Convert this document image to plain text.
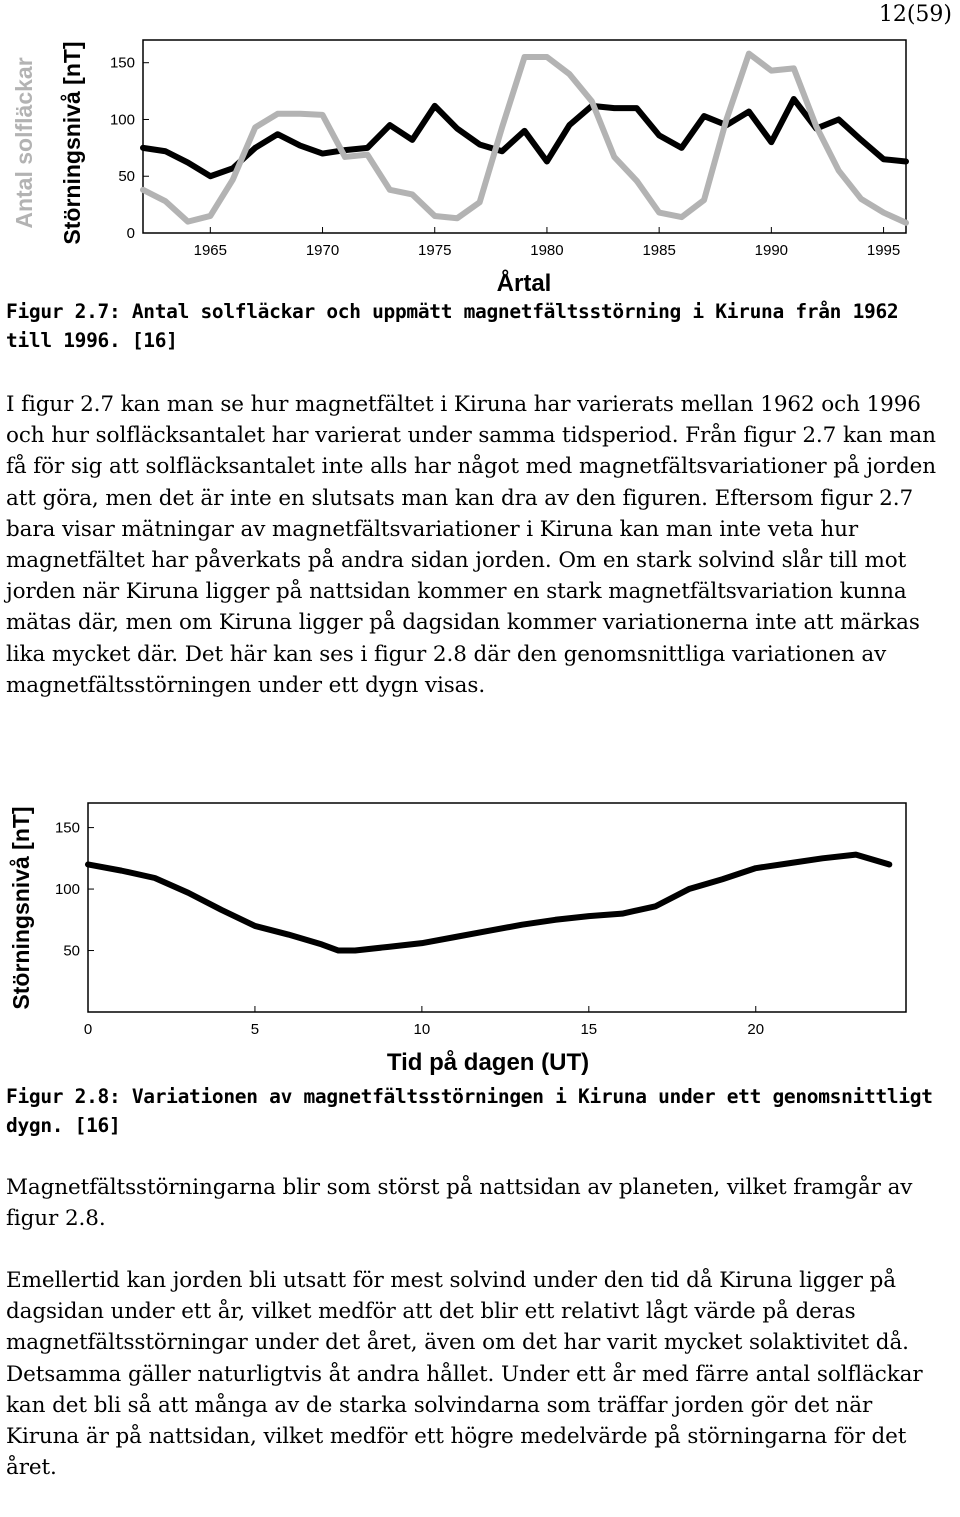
12(59)
1965	1970	1975	1980	1985	1990	1995
0
50
100
150
Årtal
Störningsnivå [nT]
Antal solfläckar
Figur 2.7: Antal solfläckar och uppmätt magnetfältsstörning i Kiruna från 1962 till 1996. [16]

I figur 2.7 kan man se hur magnetfältet i Kiruna har varierats mellan 1962 och 1996 och hur solfläcksantalet har varierat under samma tidsperiod. Från figur 2.7 kan man få för sig att solfläcksantalet inte alls har något med magnetfältsvariationer på jorden att göra, men det är inte en slutsats man kan dra av den figuren. Eftersom figur 2.7 bara visar mätningar av magnetfältsvariationer i Kiruna kan man inte veta hur magnetfältet har påverkats på andra sidan jorden. Om en stark solvind slår till mot jorden när Kiruna ligger på nattsidan kommer en stark magnetfältsvariation kunna mätas där, men om Kiruna ligger på dagsidan kommer variationerna inte att märkas lika mycket där. Det här kan ses i figur 2.8 där den genomsnittliga variationen av magnetfältsstörningen under ett dygn visas.

0	5	10	15	20
50
100
150
Tid på dagen (UT)
Störningsnivå [nT]
Figur 2.8: Variationen av magnetfältsstörningen i Kiruna under ett genomsnittligt dygn. [16]

Magnetfältsstörningarna blir som störst på nattsidan av planeten, vilket framgår av figur 2.8.

Emellertid kan jorden bli utsatt för mest solvind under den tid då Kiruna ligger på dagsidan under ett år, vilket medför att det blir ett relativt lågt värde på deras magnetfältsstörningar under det året, även om det har varit mycket solaktivitet då. Detsamma gäller naturligtvis åt andra hållet. Under ett år med färre antal solfläckar kan det bli så att många av de starka solvindarna som träffar jorden gör det när Kiruna är på nattsidan, vilket medför ett högre medelvärde på störningarna för det året.
